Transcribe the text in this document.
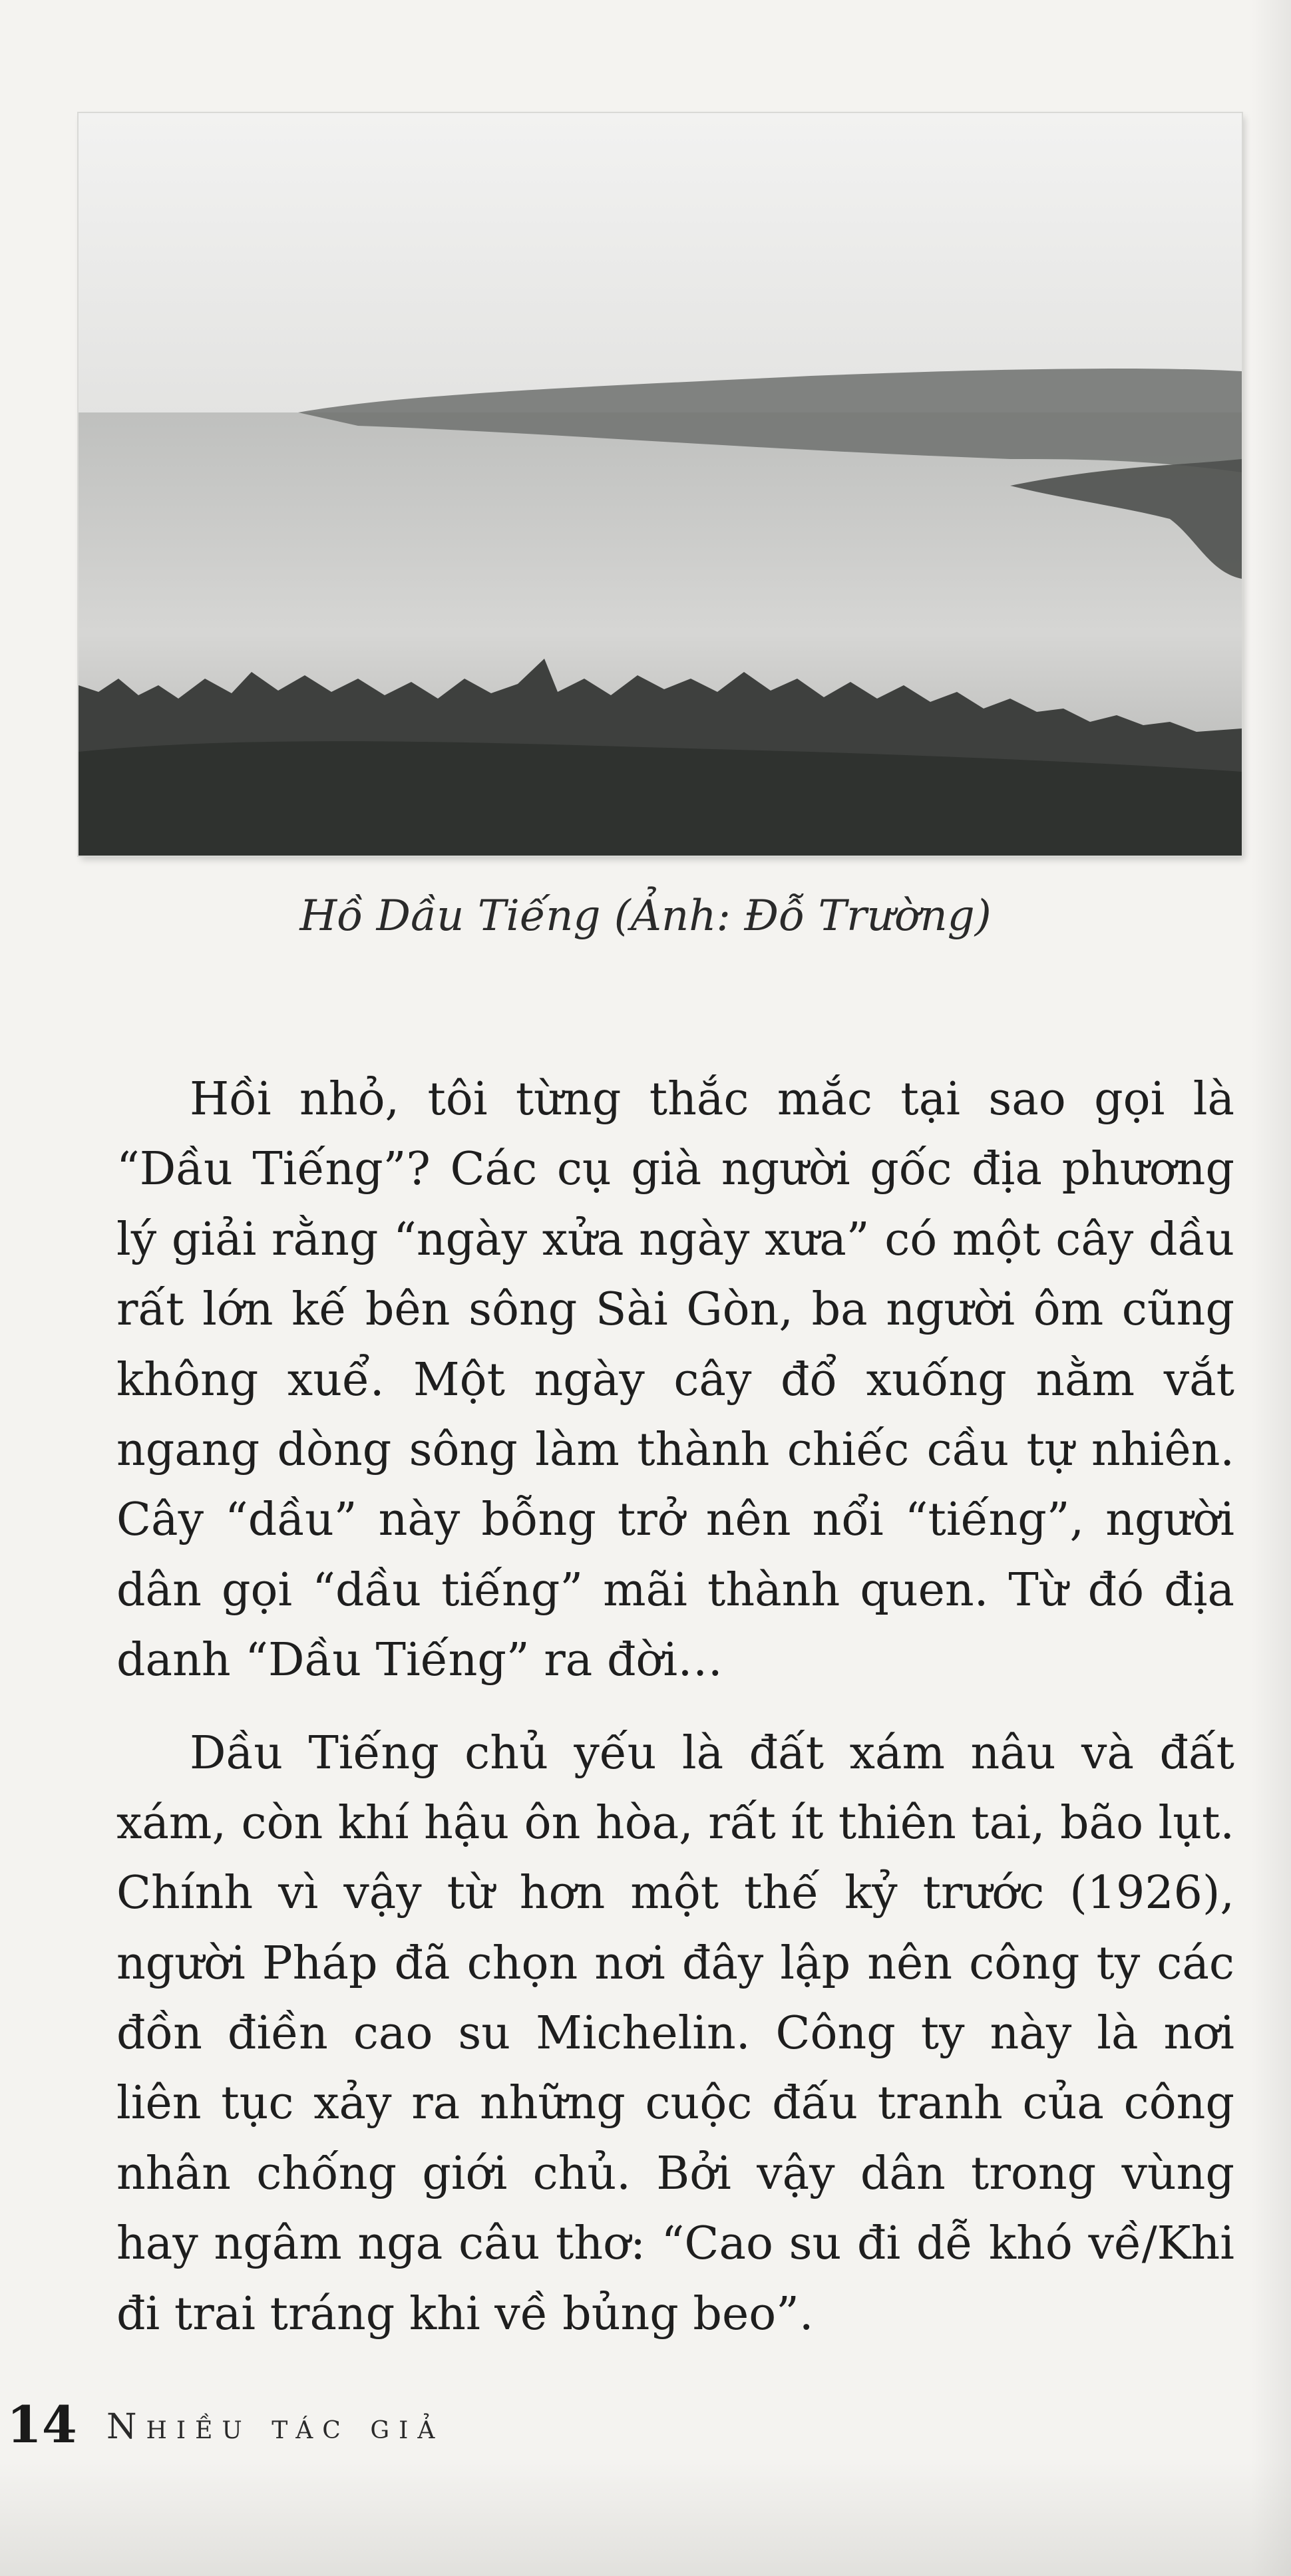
Hồ Dầu Tiếng (Ảnh: Đỗ Trường)

Hồi nhỏ, tôi từng thắc mắc tại sao gọi là “Dầu Tiếng”? Các cụ già người gốc địa phương lý giải rằng “ngày xửa ngày xưa” có một cây dầu rất lớn kế bên sông Sài Gòn, ba người ôm cũng không xuể. Một ngày cây đổ xuống nằm vắt ngang dòng sông làm thành chiếc cầu tự nhiên. Cây “dầu” này bỗng trở nên nổi “tiếng”, người dân gọi “dầu tiếng” mãi thành quen. Từ đó địa danh “Dầu Tiếng” ra đời…

Dầu Tiếng chủ yếu là đất xám nâu và đất xám, còn khí hậu ôn hòa, rất ít thiên tai, bão lụt. Chính vì vậy từ hơn một thế kỷ trước (1926), người Pháp đã chọn nơi đây lập nên công ty các đồn điền cao su Michelin. Công ty này là nơi liên tục xảy ra những cuộc đấu tranh của công nhân chống giới chủ. Bởi vậy dân trong vùng hay ngâm nga câu thơ: “Cao su đi dễ khó về/Khi đi trai tráng khi về bủng beo”.

14 Nhiều tác giả
